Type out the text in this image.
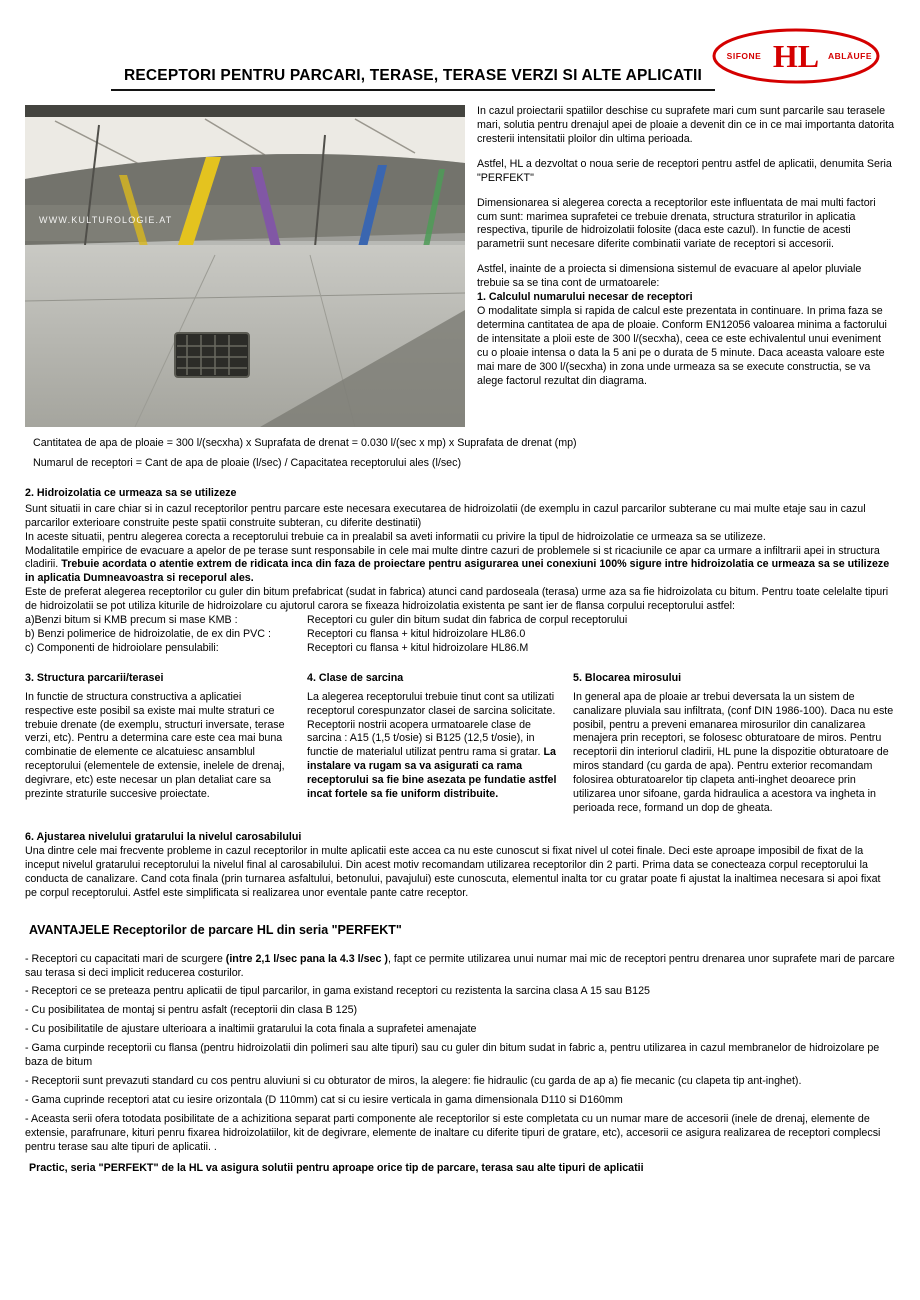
SIFONE HL ABLÄUFE
RECEPTORI PENTRU PARCARI, TERASE, TERASE VERZI SI ALTE APLICATII
WWW.KULTUROLOGIE.AT

In cazul proiectarii spatiilor deschise cu suprafete mari cum sunt parcarile sau terasele mari, solutia pentru drenajul apei de ploaie a devenit din ce in ce mai importanta datorita cresterii intensitatii ploilor din ultima perioada.

Astfel, HL a dezvoltat o noua serie de receptori pentru astfel de aplicatii, denumita Seria "PERFEKT"

Dimensionarea si alegerea corecta a receptorilor este influentata de mai multi factori cum sunt: marimea suprafetei ce trebuie drenata, structura straturilor in aplicatia respectiva, tipurile de hidroizolatii folosite (daca este cazul). In functie de acesti parametrii sunt necesare diferite combinatii variate de receptori si accesorii.

Astfel, inainte de a proiecta si dimensiona sistemul de evacuare al apelor pluviale trebuie sa se tina cont de urmatoarele:

1. Calculul numarului necesar de receptori

O modalitate simpla si rapida de calcul este prezentata in continuare. In prima faza se determina cantitatea de apa de ploaie. Conform EN12056 valoarea minima a factorului de intensitate a ploii este de 300 l/(secxha), ceea ce este echivalentul unui eveniment cu o ploaie intensa o data la 5 ani pe o durata de 5 minute. Daca aceasta valoare este mai mare de 300 l/(secxha) in zona unde urmeaza sa se execute constructia, se va alege factorul rezultat din diagrama.

Cantitatea de apa de ploaie = 300 l/(secxha) x Suprafata de drenat = 0.030 l/(sec x mp) x Suprafata de drenat (mp)

Numarul de receptori = Cant de apa de ploaie (l/sec) / Capacitatea receptorului ales (l/sec)

2. Hidroizolatia ce urmeaza sa se utilizeze

Sunt situatii in care chiar si in cazul receptorilor pentru parcare este necesara executarea de hidroizolatii (de exemplu in cazul parcarilor subterane cu mai multe etaje sau in cazul parcarilor exterioare construite peste spatii construite subteran, cu diferite destinatii)

In aceste situatii, pentru alegerea corecta a receptorului trebuie ca in prealabil sa aveti informatii cu privire la tipul de hidroizolatie ce urmeaza sa se utilizeze.

Modalitatile empirice de evacuare a apelor de pe terase sunt responsabile in cele mai multe dintre cazuri de problemele si st ricaciunile ce apar ca urmare a infiltrarii apei in structura cladirii. Trebuie acordata o atentie extrem de ridicata inca din faza de proiectare pentru asigurarea unei conexiuni 100% sigure intre hidroizolatia ce urmeaza sa se utilizeze in aplicatia Dumneavoastra si receporul ales.

Este de preferat alegerea receptorilor cu guler din bitum prefabricat (sudat in fabrica) atunci cand pardoseala (terasa) urme aza sa fie hidroizolata cu bitum. Pentru toate celelalte tipuri de hidroizolatii se pot utiliza kiturile de hidroizolare cu ajutorul carora se fixeaza hidroizolatia existenta pe sant ier de flansa corpului receptorului astfel:

a)Benzi bitum si KMB precum si mase KMB :	Receptori cu guler din bitum sudat din fabrica de corpul receptorului
b) Benzi polimerice de hidroizolatie, de ex din PVC :	Receptori cu flansa + kitul hidroizolare HL86.0
c) Componenti de hidroiolare pensulabili:	Receptori cu flansa + kitul hidroizolare HL86.M

3. Structura parcarii/terasei

In functie de structura constructiva a aplicatiei respective este posibil sa existe mai multe straturi ce trebuie drenate (de exemplu, structuri inversate, terase verzi, etc). Pentru a determina care este cea mai buna combinatie de elemente ce alcatuiesc ansamblul receptorului (elementele de extensie, inelele de drenaj, degivrare, etc) este necesar un plan detaliat care sa prezinte straturile succesive proiectate.

4. Clase de sarcina

La alegerea receptorului trebuie tinut cont sa utilizati receptorul corespunzator clasei de sarcina solicitate. Receptorii nostrii acopera urmatoarele clase de sarcina : A15 (1,5 t/osie) si B125 (12,5 t/osie), in functie de materialul utilizat pentru rama si gratar. La instalare va rugam sa va asigurati ca rama receptorului sa fie bine asezata pe fundatie astfel incat fortele sa fie uniform distribuite.

5. Blocarea mirosului

In general apa de ploaie ar trebui deversata la un sistem de canalizare pluviala sau infiltrata, (conf DIN 1986-100). Daca nu este posibil, pentru a preveni emanarea mirosurilor din canalizarea menajera prin receptori, se folosesc obturatoare de miros. Pentru receptorii din interiorul cladirii, HL pune la dispozitie obturatoare de miros standard (cu garda de apa). Pentru exterior recomandam folosirea obturatoarelor tip clapeta anti-inghet deoarece prin utilizarea unor sifoane, garda hidraulica a acestora va ingheta in perioada rece, formand un dop de gheata.

6. Ajustarea nivelului gratarului la nivelul carosabilului

Una dintre cele mai frecvente probleme in cazul receptorilor in multe aplicatii este accea ca nu este cunoscut si fixat nivel ul cotei finale. Deci este aproape imposibil de fixat de la inceput nivelul gratarului receptorului la nivelul final al carosabilului. Din acest motiv recomandam utilizarea receptorilor din 2 parti. Prima data se conecteaza corpul receptorului la conducta de canalizare. Cand cota finala (prin turnarea asfaltului, betonului, pavajului) este cunoscuta, elementul inalta tor cu gratar poate fi ajustat la inaltimea necesara si apoi fixat pe corpul receptorului. Astfel este simplificata si realizarea unor eventale pante catre receptor.

AVANTAJELE Receptorilor de parcare HL din seria "PERFEKT"

- Receptori cu capacitati mari de scurgere (intre 2,1 l/sec pana la 4.3 l/sec ), fapt ce permite utilizarea unui numar mai mic de receptori pentru drenarea unor suprafete mari de parcare sau terasa si deci implicit reducerea costurilor.

- Receptori ce se preteaza pentru aplicatii de tipul parcarilor, in gama existand receptori cu rezistenta la sarcina clasa A 15 sau B125

- Cu posibilitatea de montaj si pentru asfalt (receptorii din clasa B 125)

- Cu posibilitatile de ajustare ulterioara a inaltimii gratarului la cota finala a suprafetei amenajate

- Gama curpinde receptorii cu flansa (pentru hidroizolatii din polimeri sau alte tipuri) sau cu guler din bitum sudat in fabric a, pentru utilizarea in cazul membranelor de hidroizolare pe baza de bitum

- Receptorii sunt prevazuti standard cu cos pentru aluviuni si cu obturator de miros, la alegere: fie hidraulic (cu garda de ap a) fie mecanic (cu clapeta tip ant-inghet).

- Gama cuprinde receptori atat cu iesire orizontala (D 110mm) cat si cu iesire verticala in gama dimensionala D110 si D160mm

- Aceasta serii ofera totodata posibilitate de a achizitiona separat parti componente ale receptorilor si este completata cu un numar mare de accesorii (inele de drenaj, elemente de extensie, parafrunare, kituri penru fixarea hidroizolatiilor, kit de degivrare, elemente de inaltare cu diferite tipuri de gratare, etc), accesorii ce asigura realizarea de receptori complecsi pentru terase sau alte tipuri de aplicatii. .

Practic, seria "PERFEKT" de la HL va asigura solutii pentru aproape orice tip de parcare, terasa sau alte tipuri de aplicatii
